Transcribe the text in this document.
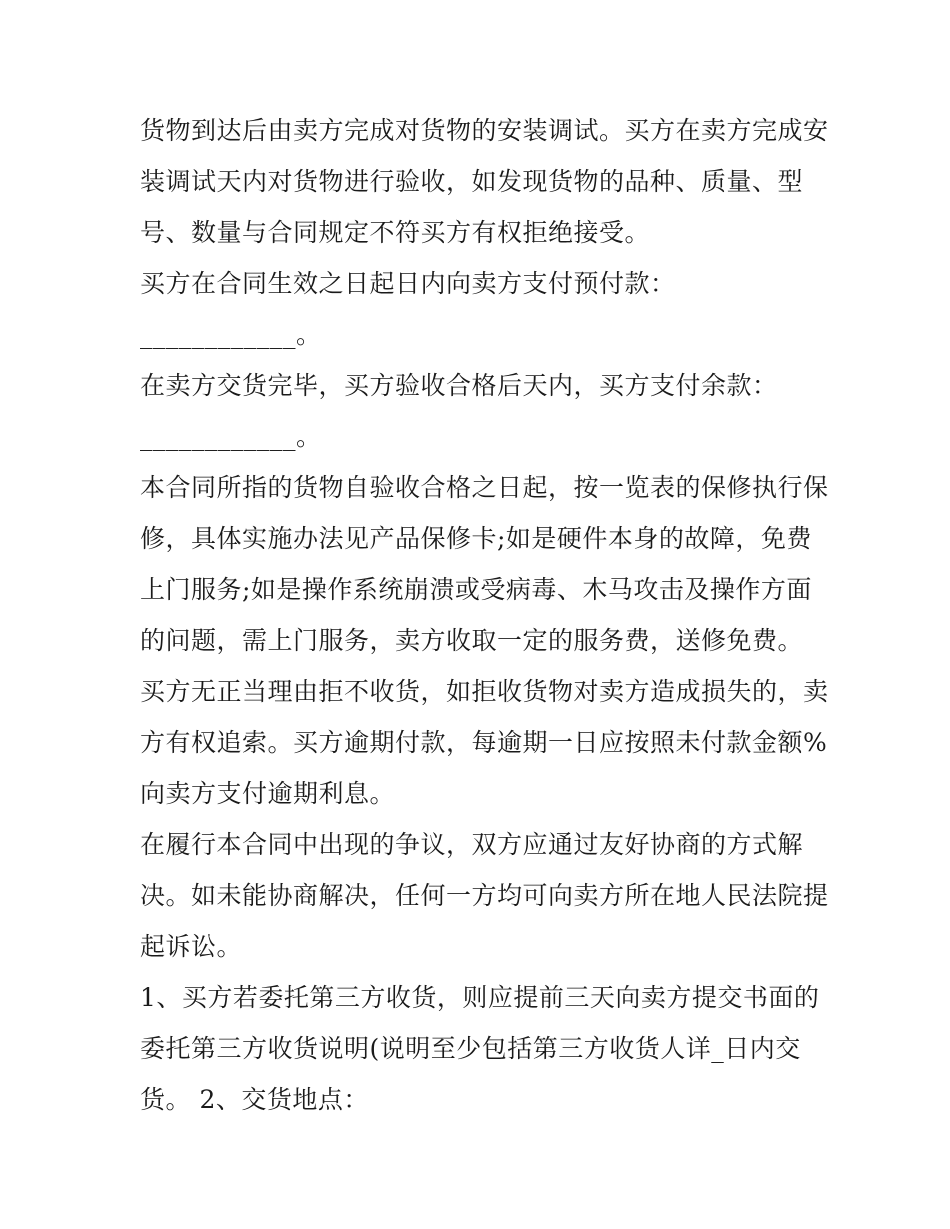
货物到达后由卖方完成对货物的安装调试。买方在卖方完成安
装调试天内对货物进行验收，如发现货物的品种、质量、型
号、数量与合同规定不符买方有权拒绝接受。
买方在合同生效之日起日内向卖方支付预付款：
____________。
在卖方交货完毕，买方验收合格后天内，买方支付余款：
____________。
本合同所指的货物自验收合格之日起，按一览表的保修执行保
修，具体实施办法见产品保修卡;如是硬件本身的故障，免费
上门服务;如是操作系统崩溃或受病毒、木马攻击及操作方面
的问题，需上门服务，卖方收取一定的服务费，送修免费。
买方无正当理由拒不收货，如拒收货物对卖方造成损失的，卖
方有权追索。买方逾期付款，每逾期一日应按照未付款金额%
向卖方支付逾期利息。
在履行本合同中出现的争议，双方应通过友好协商的方式解
决。如未能协商解决，任何一方均可向卖方所在地人民法院提
起诉讼。
1、买方若委托第三方收货，则应提前三天向卖方提交书面的
委托第三方收货说明(说明至少包括第三方收货人详_日内交
货。 2、交货地点：
